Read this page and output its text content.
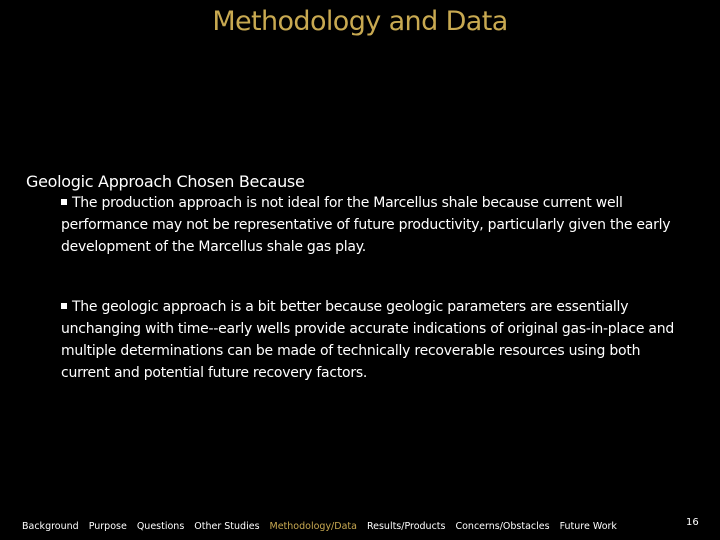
Methodology and Data

Geologic Approach Chosen Because

The production approach is not ideal for the Marcellus shale because current well performance may not be representative of future productivity, particularly given the early development of the Marcellus shale gas play.
The geologic approach is a bit better because geologic parameters are essentially unchanging with time--early wells provide accurate indications of original gas-in-place and multiple determinations can be made of technically recoverable resources using both current and potential future recovery factors.
Background Purpose Questions Other Studies Methodology/Data Results/Products Concerns/Obstacles Future Work	16
